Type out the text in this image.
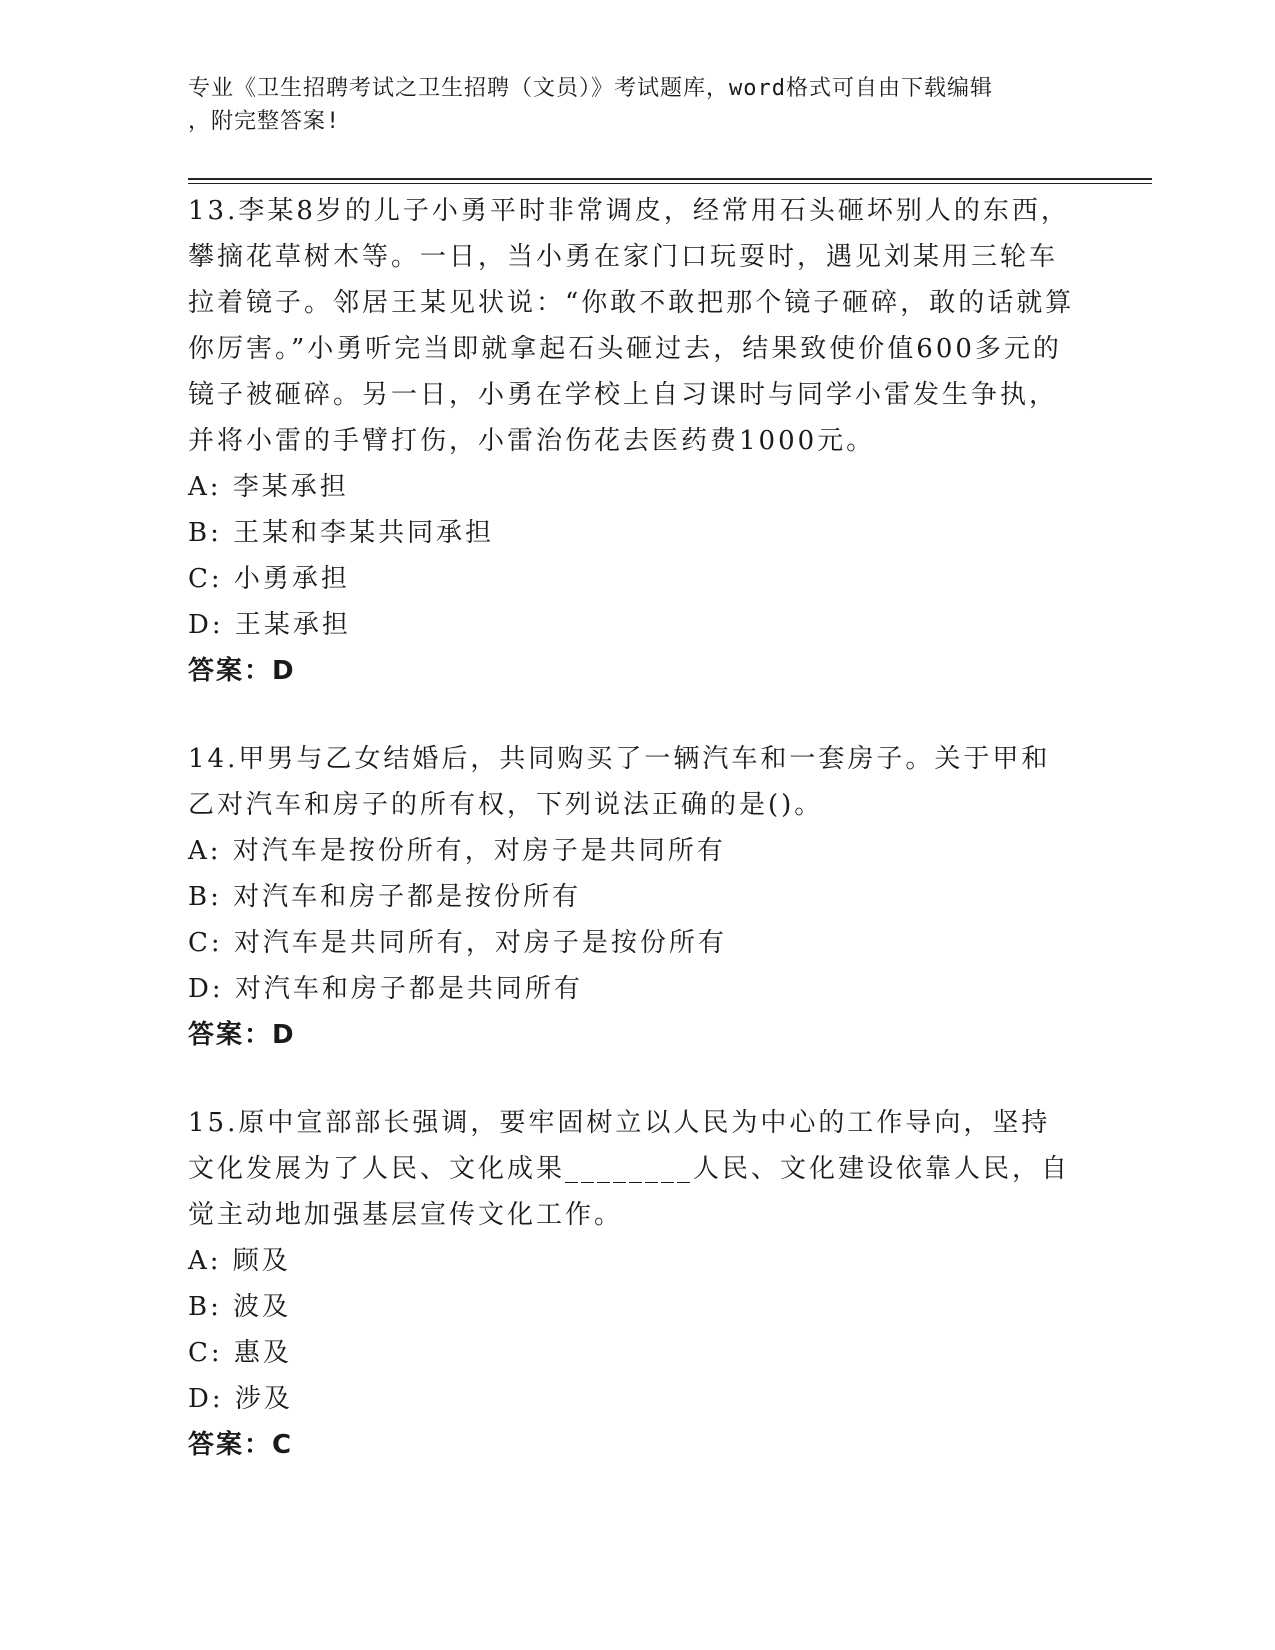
专业《卫生招聘考试之卫生招聘（文员）》考试题库，word格式可自由下载编辑
，附完整答案!

13.李某8岁的儿子小勇平时非常调皮，经常用石头砸坏别人的东西，攀摘花草树木等。一日，当小勇在家门口玩耍时，遇见刘某用三轮车拉着镜子。邻居王某见状说：“你敢不敢把那个镜子砸碎，敢的话就算你厉害。”小勇听完当即就拿起石头砸过去，结果致使价值600多元的镜子被砸碎。另一日，小勇在学校上自习课时与同学小雷发生争执，并将小雷的手臂打伤，小雷治伤花去医药费1000元。

A: 李某承担

B: 王某和李某共同承担

C: 小勇承担

D: 王某承担

答案：D

14.甲男与乙女结婚后，共同购买了一辆汽车和一套房子。关于甲和乙对汽车和房子的所有权，下列说法正确的是()。

A: 对汽车是按份所有，对房子是共同所有

B: 对汽车和房子都是按份所有

C: 对汽车是共同所有，对房子是按份所有

D: 对汽车和房子都是共同所有

答案：D

15.原中宣部部长强调，要牢固树立以人民为中心的工作导向，坚持文化发展为了人民、文化成果________人民、文化建设依靠人民，自觉主动地加强基层宣传文化工作。

A: 顾及

B: 波及

C: 惠及

D: 涉及

答案：C
